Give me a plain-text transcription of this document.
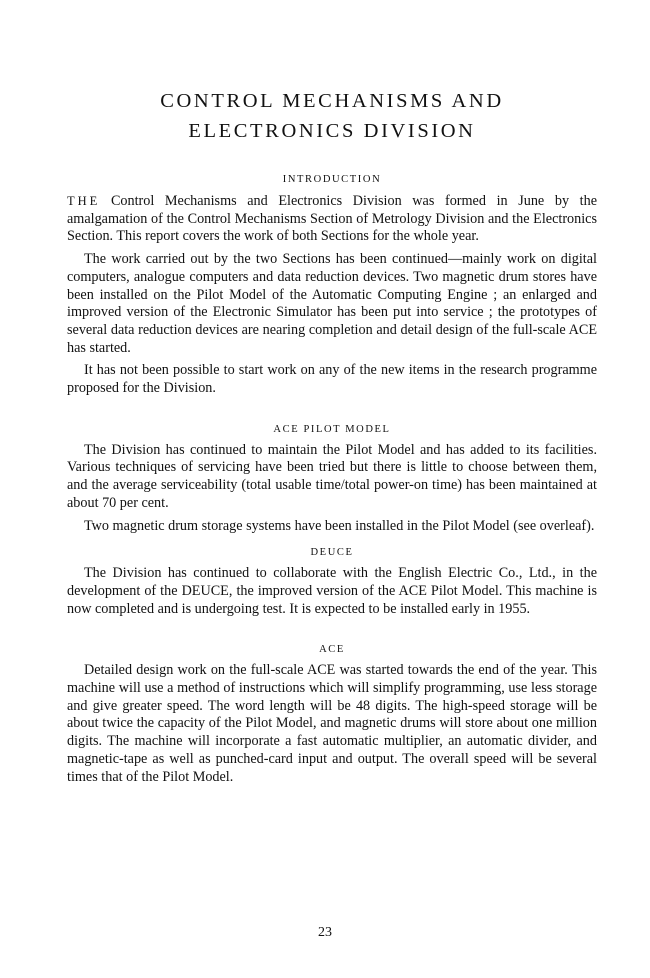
CONTROL MECHANISMS AND
ELECTRONICS DIVISION
INTRODUCTION

THE Control Mechanisms and Electronics Division was formed in June by the amalgamation of the Control Mechanisms Section of Metrology Division and the Electronics Section. This report covers the work of both Sections for the whole year.

The work carried out by the two Sections has been continued—mainly work on digital computers, analogue computers and data reduction devices. Two magnetic drum stores have been installed on the Pilot Model of the Automatic Computing Engine ; an enlarged and improved version of the Electronic Simulator has been put into service ; the prototypes of several data reduction devices are nearing completion and detail design of the full-scale ACE has started.

It has not been possible to start work on any of the new items in the research programme proposed for the Division.

ACE PILOT MODEL

The Division has continued to maintain the Pilot Model and has added to its facilities. Various techniques of servicing have been tried but there is little to choose between them, and the average serviceability (total usable time/total power-on time) has been maintained at about 70 per cent.

Two magnetic drum storage systems have been installed in the Pilot Model (see overleaf).

DEUCE

The Division has continued to collaborate with the English Electric Co., Ltd., in the development of the DEUCE, the improved version of the ACE Pilot Model. This machine is now completed and is undergoing test. It is expected to be installed early in 1955.

ACE

Detailed design work on the full-scale ACE was started towards the end of the year. This machine will use a method of instructions which will simplify programming, use less storage and give greater speed. The word length will be 48 digits. The high-speed storage will be about twice the capacity of the Pilot Model, and magnetic drums will store about one million digits. The machine will incorporate a fast automatic multiplier, an automatic divider, and magnetic-tape as well as punched-card input and output. The overall speed will be several times that of the Pilot Model.

23
